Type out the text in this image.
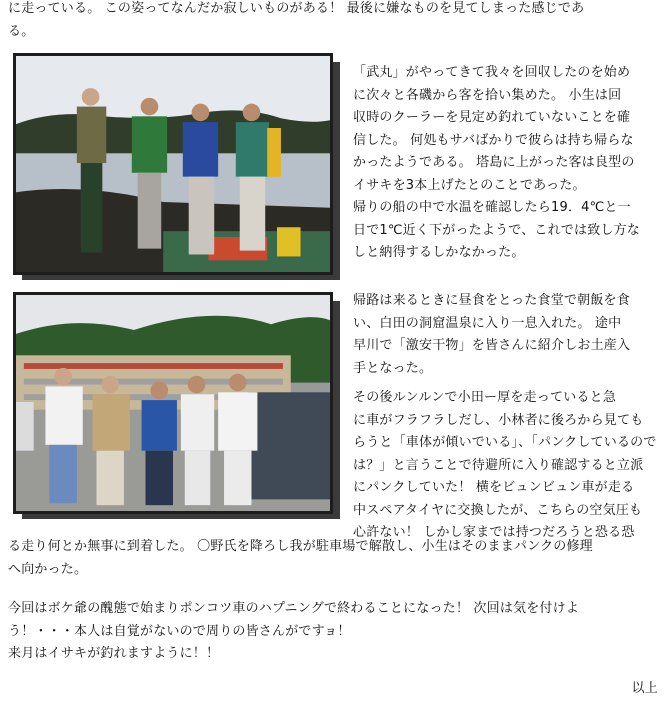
に走っている。 この姿ってなんだか寂しいものがある！ 最後に嫌なものを見てしまった感じであ
る。
「武丸」がやってきて我々を回収したのを始め
に次々と各磯から客を拾い集めた。 小生は回
収時のクーラーを見定め釣れていないことを確
信した。 何処もサバばかりで彼らは持ち帰らな
かったようである。 塔島に上がった客は良型の
イサキを3本上げたとのことであった。
帰りの船の中で水温を確認したら19．4℃と一
日で1℃近く下がったようで、これでは致し方な
しと納得するしかなかった。
帰路は来るときに昼食をとった食堂で朝飯を食
い、白田の洞窟温泉に入り一息入れた。 途中
早川で「激安干物」を皆さんに紹介しお土産入
手となった。
その後ルンルンで小田ー厚を走っていると急
に車がフラフラしだし、小林者に後ろから見ても
らうと「車体が傾いでいる」、「パンクしているので
は？」と言うことで待避所に入り確認すると立派
にパンクしていた！ 横をビュンビュン車が走る
中スペアタイヤに交換したが、こちらの空気圧も
心許ない！ しかし家までは持つだろうと恐る恐
る走り何とか無事に到着した。 〇野氏を降ろし我が駐車場で解散し、小生はそのままパンクの修理
へ向かった。
今回はボケ爺の醜態で始まりポンコツ車のハプニングで終わることになった！ 次回は気を付けよ
う！・・・本人は自覚がないので周りの皆さんがですョ！
来月はイサキが釣れますように！！
以上
